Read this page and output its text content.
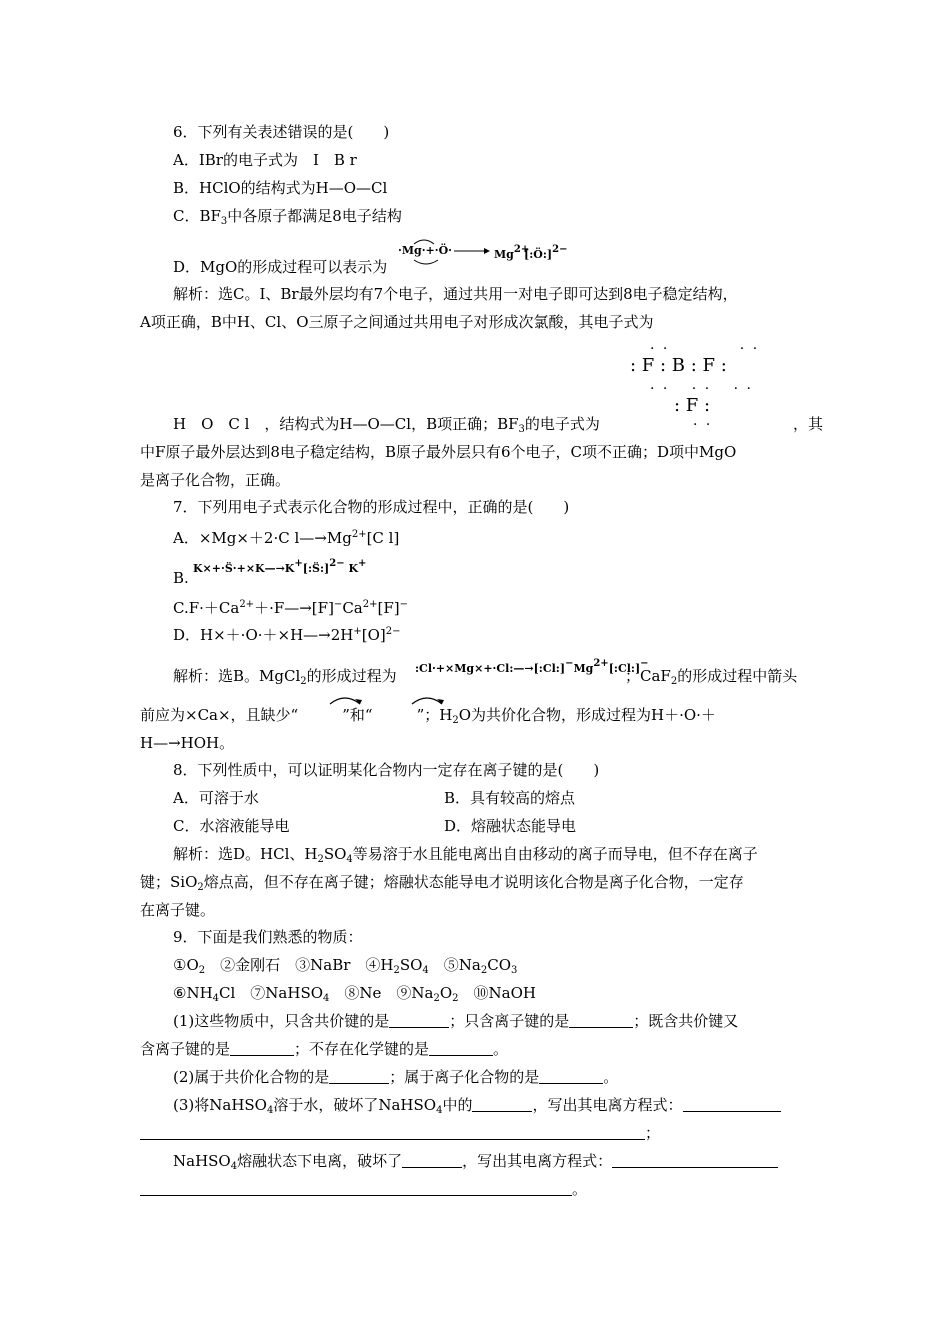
6．下列有关表述错误的是(　　)
A．IBr的电子式为　I　B r
B．HClO的结构式为H—O—Cl
C．$BF_3$中各原子都满足8电子结构
D．MgO的形成过程可以表示为
·Mg·+·Ö·	Mg2+
[:Ö:]2−
解析：选C。I、Br最外层均有7个电子，通过共用一对电子即可达到8电子稳定结构，
A项正确，B中H、Cl、O三原子之间通过共用电子对形成次氯酸，其电子式为
· ·　　　　 · ·
: F : B : F :
· ·　 · · 　· ·
: F :
· ·
H　O　C l　，结构式为H—O—Cl，B项正确；$BF_3$的电子式为	，其
中F原子最外层达到8电子稳定结构，B原子最外层只有6个电子，C项不正确；D项中MgO
是离子化合物，正确。
7．下列用电子式表示化合物的形成过程中，正确的是(　　)
A．×Mg×＋2·C $l—\to Mg^{2+}[C$ l]
B.
K×+·S̈·+×K—→K+[:S̈:]2− K+
$C.F\cdot+Ca^{2+}+\cdot F—\to[F]^-Ca^{2+}[F]^-$
D．$H\times+\cdot O\cdot+\times H—\to 2H^+[O]^{2-}$
解析：选B。MgCl$_2$的形成过程为 :Cl·+×Mg×+·Cl:—→[:Cl:]−Mg2+[:Cl:]−
；CaF$_2$的形成过程中箭头
前应为×Ca×，且缺少“	”和“	”；$H_2O$为共价化合物，形成过程为H＋·O·＋
H—→HOH。
8．下列性质中，可以证明某化合物内一定存在离子键的是(　　)
A．可溶于水	B．具有较高的熔点
C．水溶液能导电	D．熔融状态能导电
解析：选D。HCl、$H_2SO_4$等易溶于水且能电离出自由移动的离子而导电，但不存在离子
键；SiO$_2$熔点高，但不存在离子键；熔融状态能导电才说明该化合物是离子化合物，一定存
在离子键。
9．下面是我们熟悉的物质：
$①O_2$　②金刚石　③NaBr　$④H_2SO_4$　$⑤Na_2CO_3$
$⑥NH_4Cl$　⑦NaHSO$_4$　⑧Ne　$⑨Na_2O_2$　⑩NaOH
(1)这些物质中，只含共价键的是	；只含离子键的是	；既含共价键又
含离子键的是	；不存在化学键的是	。
(2)属于共价化合物的是	；属于离子化合物的是	。
(3)将NaHSO$_4$溶于水，破坏了NaHSO$_4$中的	，写出其电离方程式：
；
NaHSO$_4$熔融状态下电离，破坏了	，写出其电离方程式：
。
